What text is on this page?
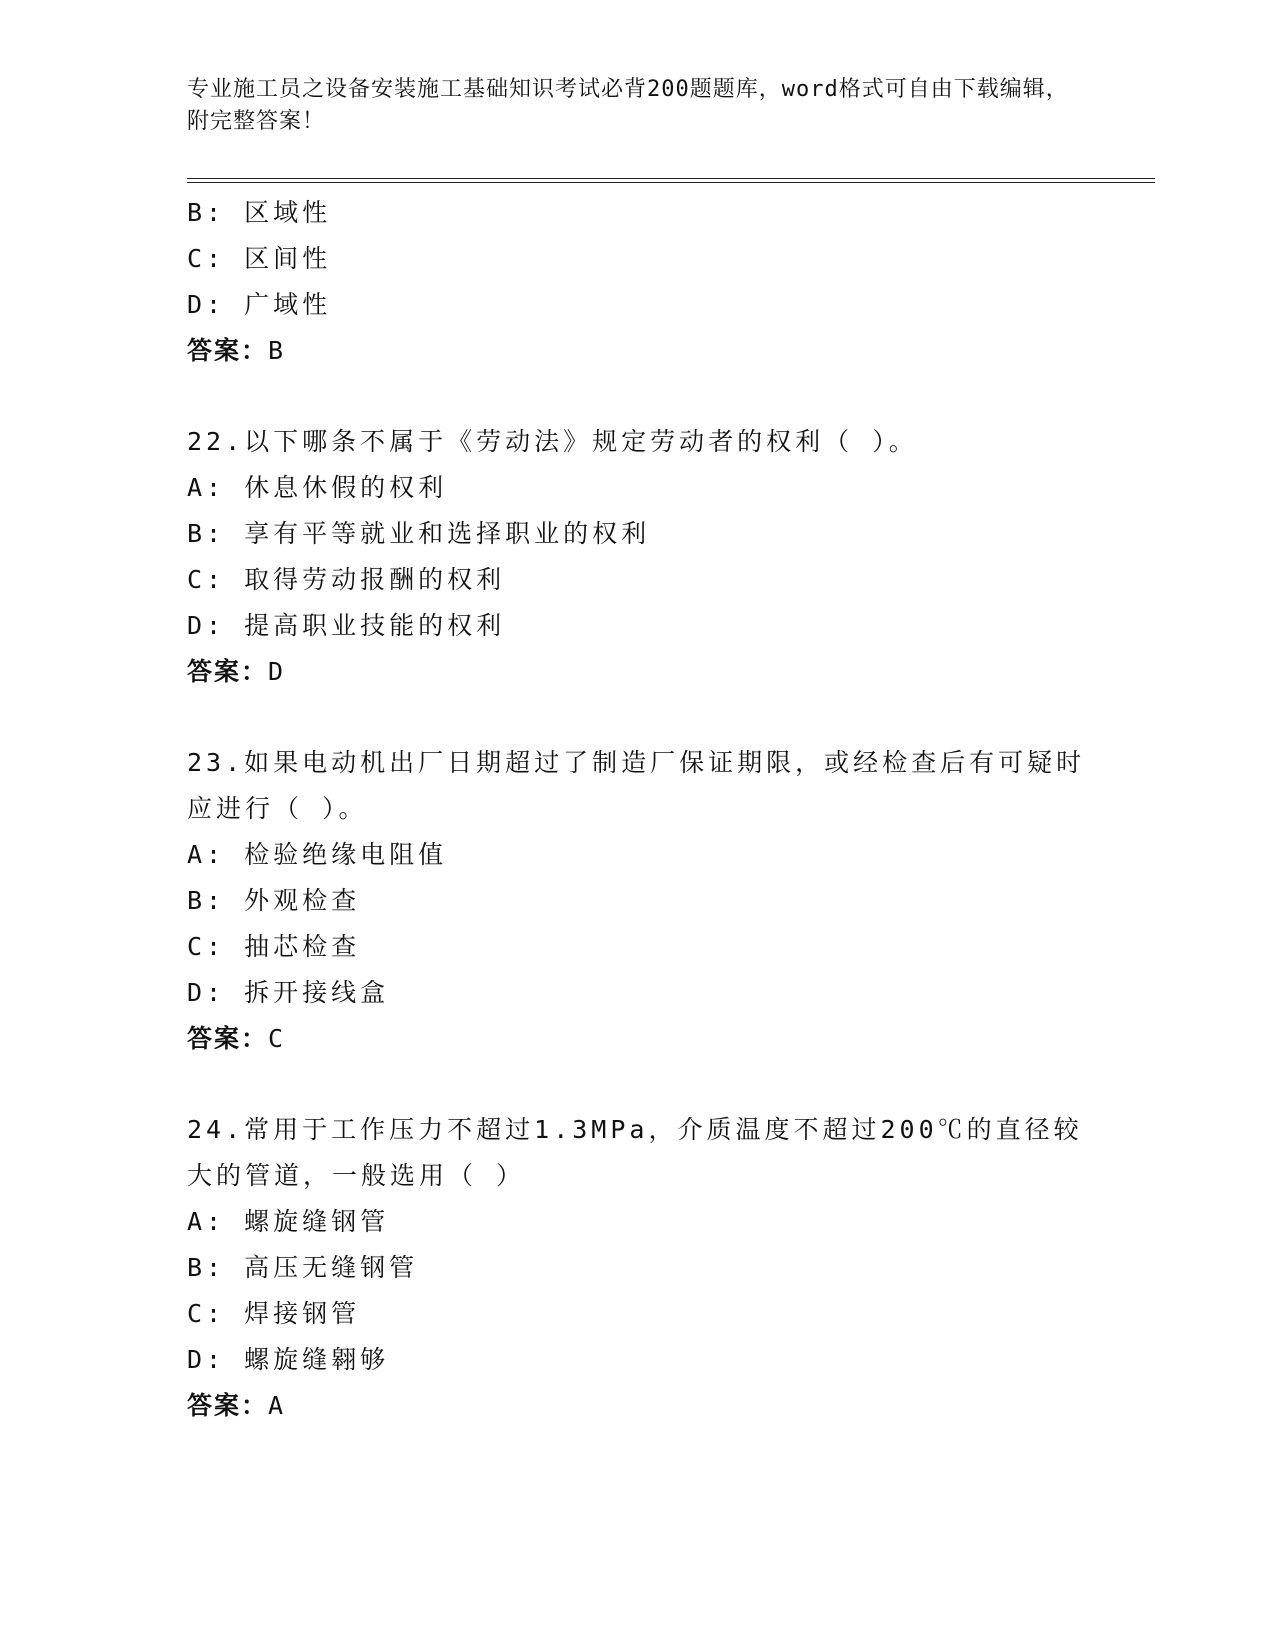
专业施工员之设备安装施工基础知识考试必背200题题库，word格式可自由下载编辑，附完整答案！
B: 区域性
C: 区间性
D: 广域性
答案：B
22.以下哪条不属于《劳动法》规定劳动者的权利（ ）。
A: 休息休假的权利
B: 享有平等就业和选择职业的权利
C: 取得劳动报酬的权利
D: 提高职业技能的权利
答案：D
23.如果电动机出厂日期超过了制造厂保证期限，或经检查后有可疑时应进行（ ）。
A: 检验绝缘电阻值
B: 外观检查
C: 抽芯检查
D: 拆开接线盒
答案：C
24.常用于工作压力不超过1.3MPa，介质温度不超过200℃的直径较大的管道，一般选用（ ）
A: 螺旋缝钢管
B: 高压无缝钢管
C: 焊接钢管
D: 螺旋缝翱够
答案：A
